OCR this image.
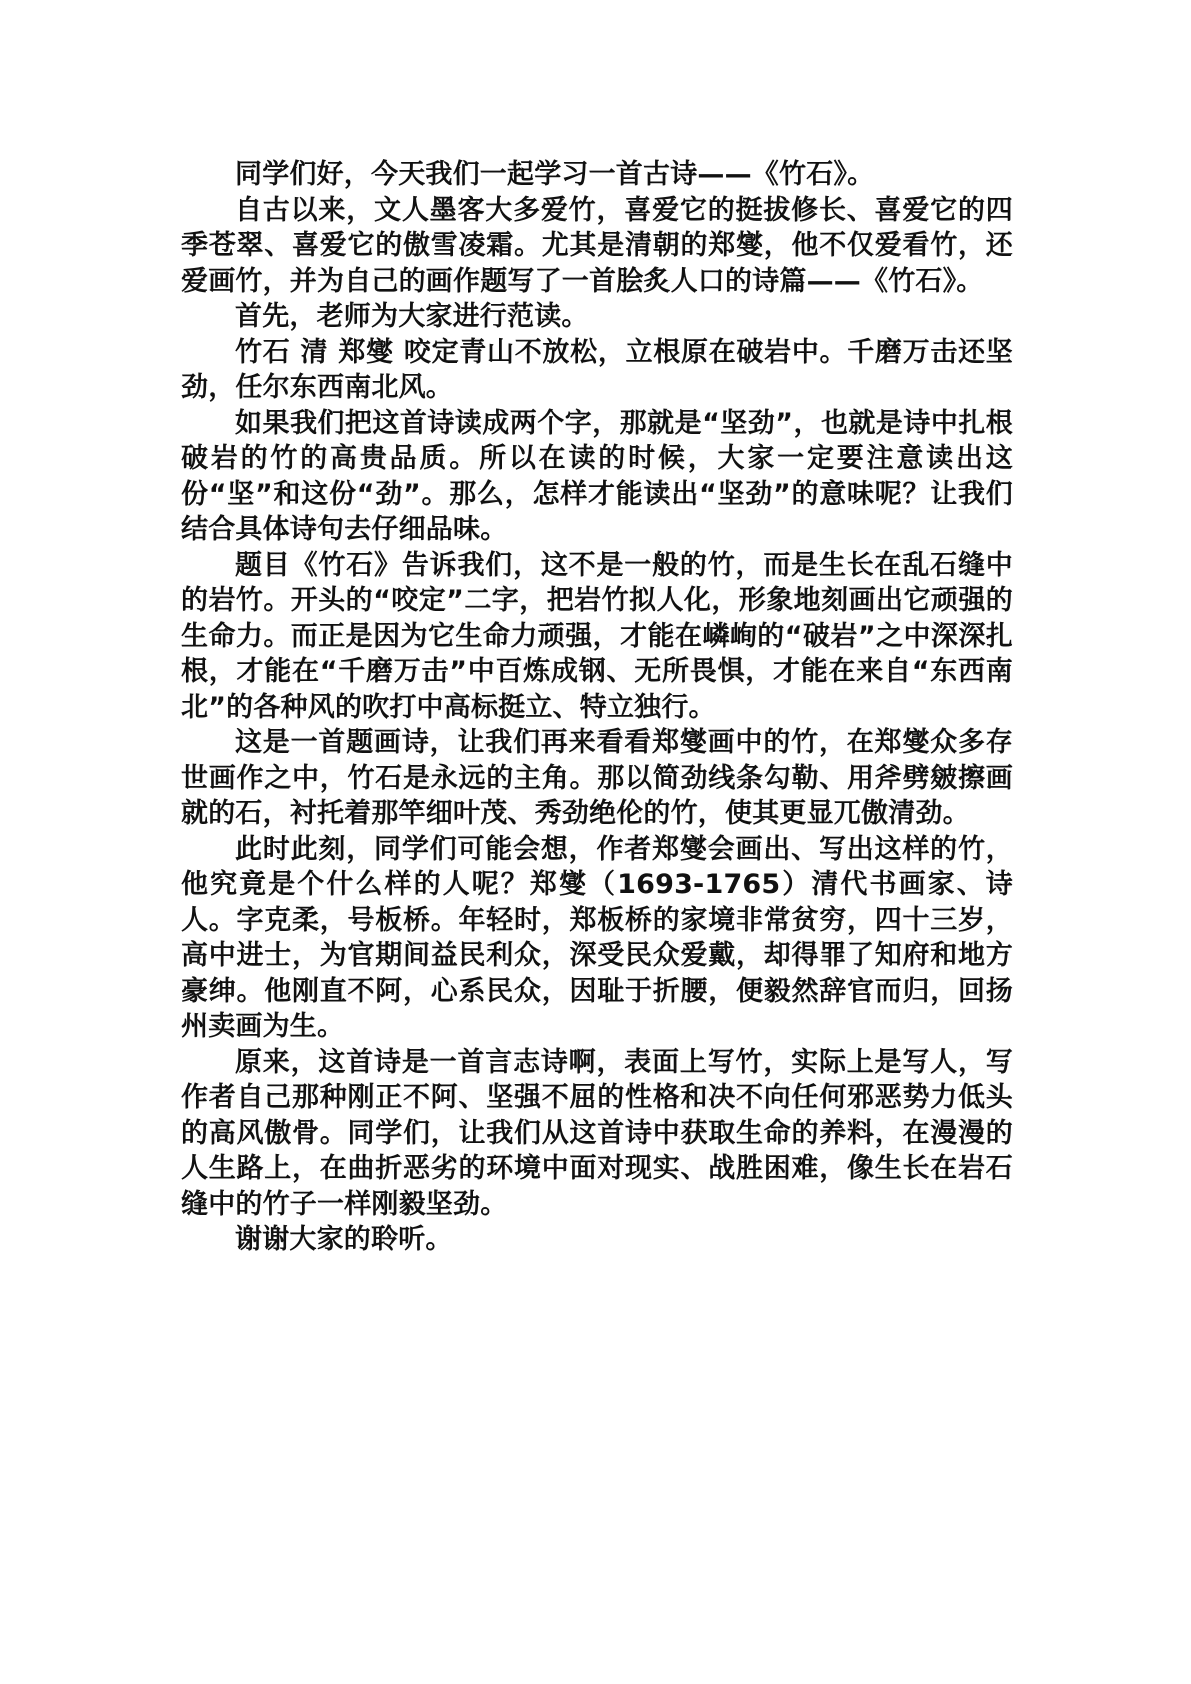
同学们好，今天我们一起学习一首古诗——《竹石》。

自古以来，文人墨客大多爱竹，喜爱它的挺拔修长、喜爱它的四季苍翠、喜爱它的傲雪凌霜。尤其是清朝的郑燮，他不仅爱看竹，还爱画竹，并为自己的画作题写了一首脍炙人口的诗篇——《竹石》。

首先，老师为大家进行范读。

竹石 清 郑燮 咬定青山不放松，立根原在破岩中。千磨万击还坚劲，任尔东西南北风。

如果我们把这首诗读成两个字，那就是“坚劲”，也就是诗中扎根破岩的竹的高贵品质。所以在读的时候，大家一定要注意读出这份“坚”和这份“劲”。那么，怎样才能读出“坚劲”的意味呢？让我们结合具体诗句去仔细品味。

题目《竹石》告诉我们，这不是一般的竹，而是生长在乱石缝中的岩竹。开头的“咬定”二字，把岩竹拟人化，形象地刻画出它顽强的生命力。而正是因为它生命力顽强，才能在嶙峋的“破岩”之中深深扎根，才能在“千磨万击”中百炼成钢、无所畏惧，才能在来自“东西南北”的各种风的吹打中高标挺立、特立独行。

这是一首题画诗，让我们再来看看郑燮画中的竹，在郑燮众多存世画作之中，竹石是永远的主角。那以简劲线条勾勒、用斧劈皴擦画就的石，衬托着那竿细叶茂、秀劲绝伦的竹，使其更显兀傲清劲。

此时此刻，同学们可能会想，作者郑燮会画出、写出这样的竹，他究竟是个什么样的人呢？郑燮（1693-1765）清代书画家、诗人。字克柔，号板桥。年轻时，郑板桥的家境非常贫穷，四十三岁，高中进士，为官期间益民利众，深受民众爱戴，却得罪了知府和地方豪绅。他刚直不阿，心系民众，因耻于折腰，便毅然辞官而归，回扬州卖画为生。

原来，这首诗是一首言志诗啊，表面上写竹，实际上是写人，写作者自己那种刚正不阿、坚强不屈的性格和决不向任何邪恶势力低头的高风傲骨。同学们，让我们从这首诗中获取生命的养料，在漫漫的人生路上，在曲折恶劣的环境中面对现实、战胜困难，像生长在岩石缝中的竹子一样刚毅坚劲。

谢谢大家的聆听。
